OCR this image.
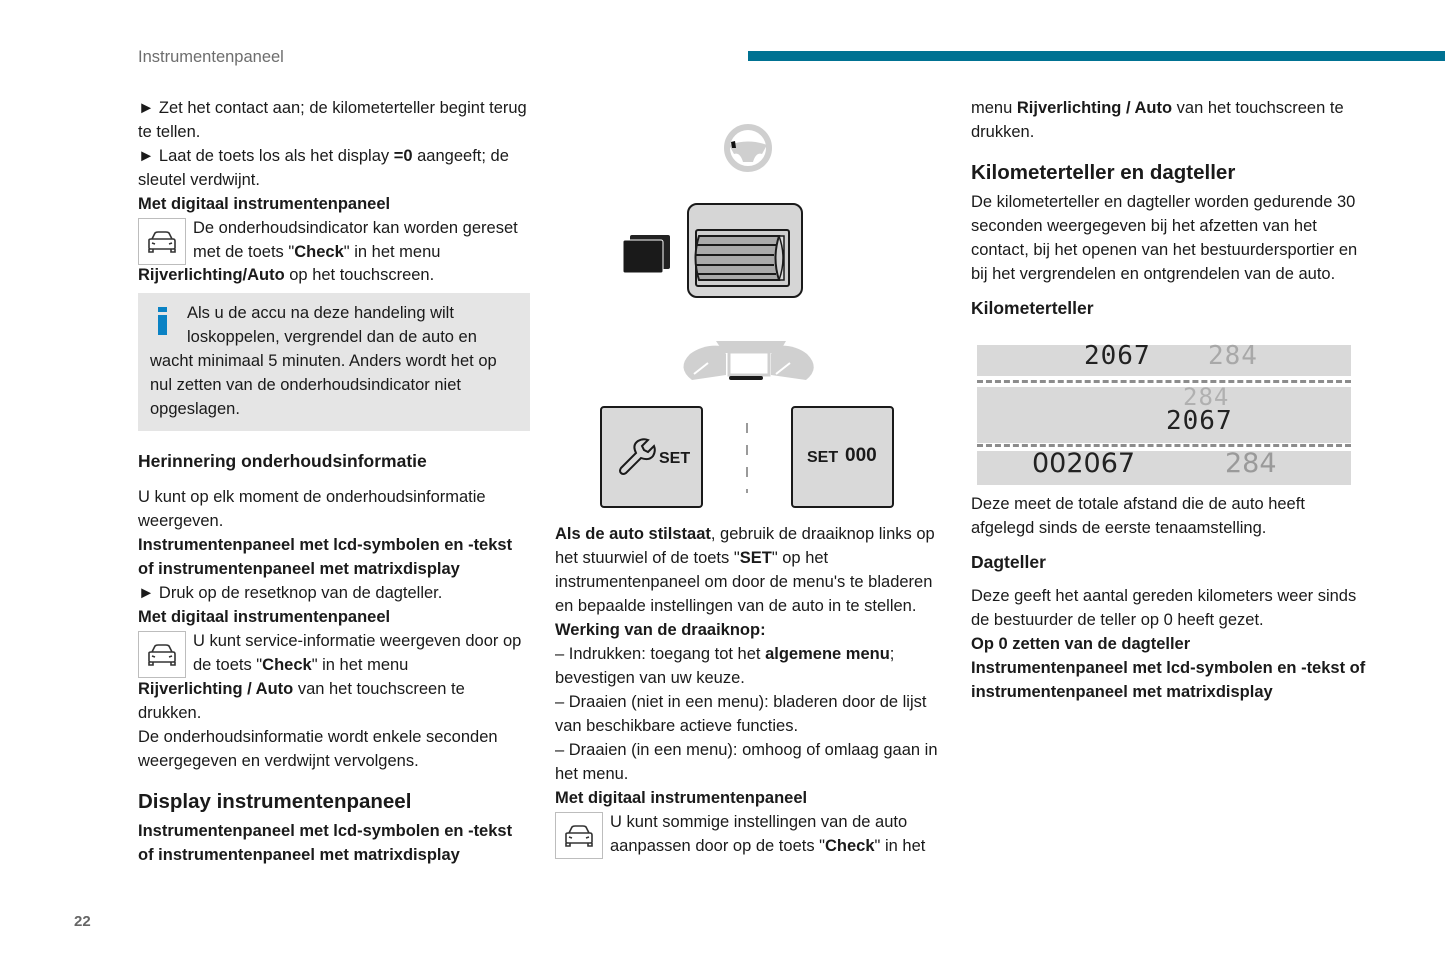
Instrumentenpaneel

► Zet het contact aan; de kilometerteller begint terug te tellen.

► Laat de toets los als het display =0 aangeeft; de sleutel verdwijnt.

Met digitaal instrumentenpaneel

De onderhoudsindicator kan worden gereset met de toets "Check" in het menu

Rijverlichting/Auto op het touchscreen.

Als u de accu na deze handeling wilt loskoppelen, vergrendel dan de auto en

wacht minimaal 5 minuten. Anders wordt het op nul zetten van de onderhoudsindicator niet opgeslagen.

Herinnering onderhoudsinformatie

U kunt op elk moment de onderhoudsinformatie weergeven.

Instrumentenpaneel met lcd-symbolen en -tekst of instrumentenpaneel met matrixdisplay

► Druk op de resetknop van de dagteller.

Met digitaal instrumentenpaneel

U kunt service-informatie weergeven door op de toets "Check" in het menu

Rijverlichting / Auto van het touchscreen te drukken.

De onderhoudsinformatie wordt enkele seconden weergegeven en verdwijnt vervolgens.

Display instrumentenpaneel

Instrumentenpaneel met lcd-symbolen en -tekst of instrumentenpaneel met matrixdisplay

SET	SET 000

Als de auto stilstaat, gebruik de draaiknop links op het stuurwiel of de toets "SET" op het instrumentenpaneel om door de menu's te bladeren en bepaalde instellingen van de auto in te stellen.

Werking van de draaiknop:

– Indrukken: toegang tot het algemene menu; bevestigen van uw keuze.

– Draaien (niet in een menu): bladeren door de lijst van beschikbare actieve functies.

– Draaien (in een menu): omhoog of omlaag gaan in het menu.

Met digitaal instrumentenpaneel

U kunt sommige instellingen van de auto aanpassen door op de toets "Check" in het

menu Rijverlichting / Auto van het touchscreen te drukken.

Kilometerteller en dagteller

De kilometerteller en dagteller worden gedurende 30 seconden weergegeven bij het afzetten van het contact, bij het openen van het bestuurdersportier en bij het vergrendelen en ontgrendelen van de auto.

Kilometerteller

2067 284
284
2067
002067	284

Deze meet de totale afstand die de auto heeft afgelegd sinds de eerste tenaamstelling.

Dagteller

Deze geeft het aantal gereden kilometers weer sinds de bestuurder de teller op 0 heeft gezet.

Op 0 zetten van de dagteller

Instrumentenpaneel met lcd-symbolen en -tekst of instrumentenpaneel met matrixdisplay

22
